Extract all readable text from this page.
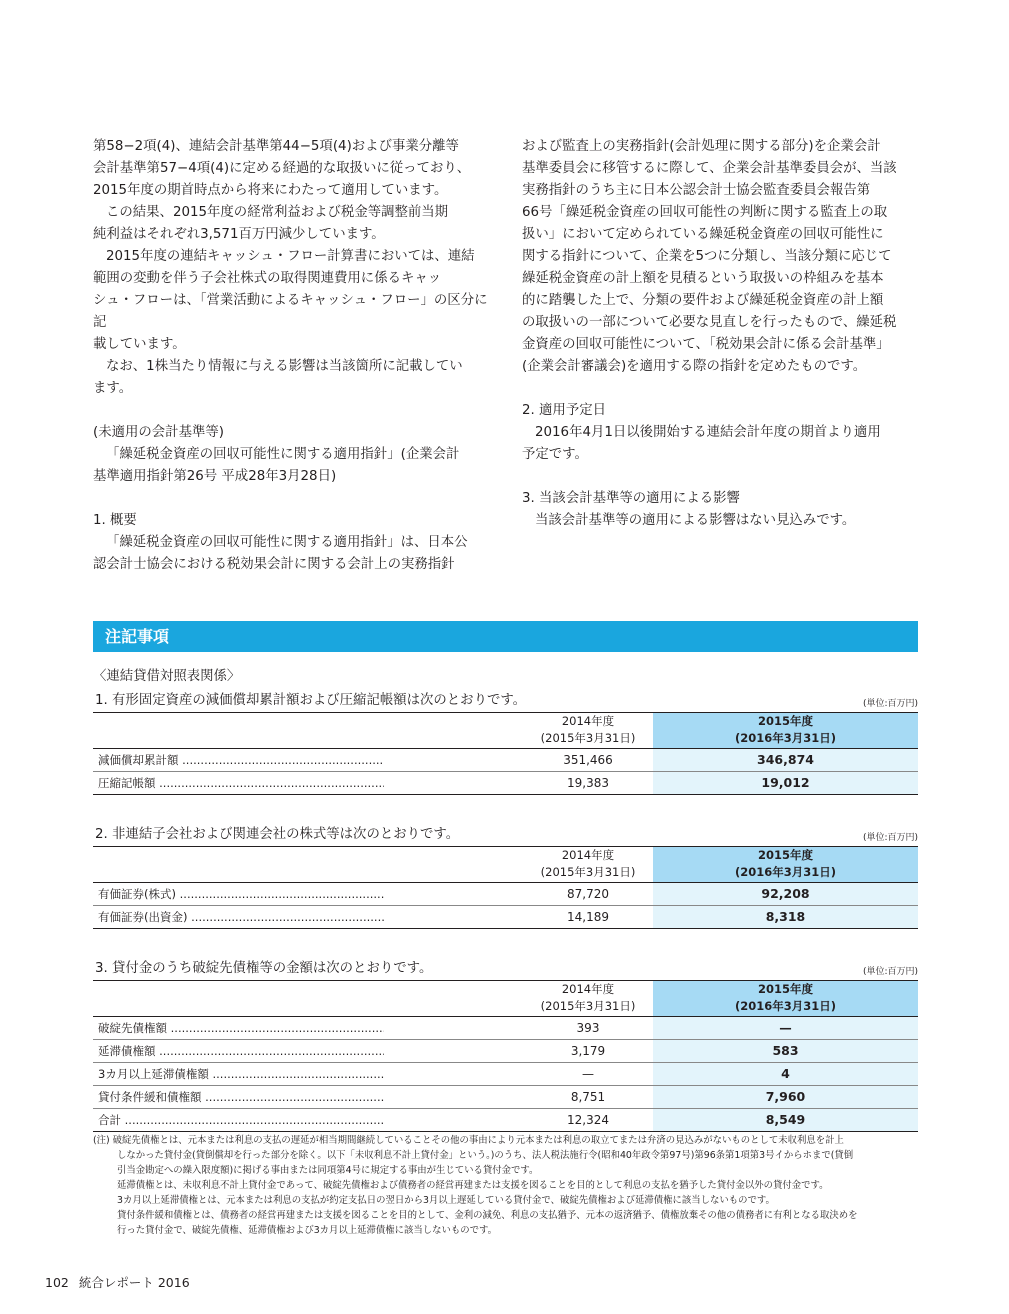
第58−2項(4)、連結会計基準第44−5項(4)および事業分離等

会計基準第57−4項(4)に定める経過的な取扱いに従っており、

2015年度の期首時点から将来にわたって適用しています。

この結果、2015年度の経常利益および税金等調整前当期

純利益はそれぞれ3,571百万円減少しています。

2015年度の連結キャッシュ・フロー計算書においては、連結

範囲の変動を伴う子会社株式の取得関連費用に係るキャッ

シュ・フローは、「営業活動によるキャッシュ・フロー」の区分に記

載しています。

なお、1株当たり情報に与える影響は当該箇所に記載してい

ます。

(未適用の会計基準等)

「繰延税金資産の回収可能性に関する適用指針」(企業会計

基準適用指針第26号 平成28年3月28日)

1. 概要

「繰延税金資産の回収可能性に関する適用指針」は、日本公

認会計士協会における税効果会計に関する会計上の実務指針

および監査上の実務指針(会計処理に関する部分)を企業会計

基準委員会に移管するに際して、企業会計基準委員会が、当該

実務指針のうち主に日本公認会計士協会監査委員会報告第

66号「繰延税金資産の回収可能性の判断に関する監査上の取

扱い」において定められている繰延税金資産の回収可能性に

関する指針について、企業を5つに分類し、当該分類に応じて

繰延税金資産の計上額を見積るという取扱いの枠組みを基本

的に踏襲した上で、分類の要件および繰延税金資産の計上額

の取扱いの一部について必要な見直しを行ったもので、繰延税

金資産の回収可能性について、「税効果会計に係る会計基準」

(企業会計審議会)を適用する際の指針を定めたものです。

2. 適用予定日

2016年4月1日以後開始する連結会計年度の期首より適用

予定です。

3. 当該会計基準等の適用による影響

当該会計基準等の適用による影響はない見込みです。

注記事項
〈連結貸借対照表関係〉
1. 有形固定資産の減価償却累計額および圧縮記帳額は次のとおりです。	(単位:百万円)
2014年度
(2015年3月31日)
2015年度
(2016年3月31日)
減価償却累計額 .....	351,466	346,874
圧縮記帳額 .....	19,383	19,012
2. 非連結子会社および関連会社の株式等は次のとおりです。	(単位:百万円)
2014年度
(2015年3月31日)
2015年度
(2016年3月31日)
有価証券(株式) .....	87,720	92,208
有価証券(出資金) .....	14,189	8,318
3. 貸付金のうち破綻先債権等の金額は次のとおりです。	(単位:百万円)
2014年度
(2015年3月31日)
2015年度
(2016年3月31日)
破綻先債権額 .....	393	—
延滞債権額 .....	3,179	583
3カ月以上延滞債権額 .....	—	4
貸付条件緩和債権額 .....	8,751	7,960
合計 .....	12,324	8,549

(注) 破綻先債権とは、元本または利息の支払の遅延が相当期間継続していることその他の事由により元本または利息の取立てまたは弁済の見込みがないものとして未収利息を計上

しなかった貸付金(貸倒償却を行った部分を除く。以下「未収利息不計上貸付金」という。)のうち、法人税法施行令(昭和40年政令第97号)第96条第1項第3号イからホまで(貸倒

引当金勘定への繰入限度額)に掲げる事由または同項第4号に規定する事由が生じている貸付金です。

延滞債権とは、未収利息不計上貸付金であって、破綻先債権および債務者の経営再建または支援を図ることを目的として利息の支払を猶予した貸付金以外の貸付金です。

3カ月以上延滞債権とは、元本または利息の支払が約定支払日の翌日から3月以上遅延している貸付金で、破綻先債権および延滞債権に該当しないものです。

貸付条件緩和債権とは、債務者の経営再建または支援を図ることを目的として、金利の減免、利息の支払猶予、元本の返済猶予、債権放棄その他の債務者に有利となる取決めを

行った貸付金で、破綻先債権、延滞債権および3カ月以上延滞債権に該当しないものです。

102 統合レポート 2016
